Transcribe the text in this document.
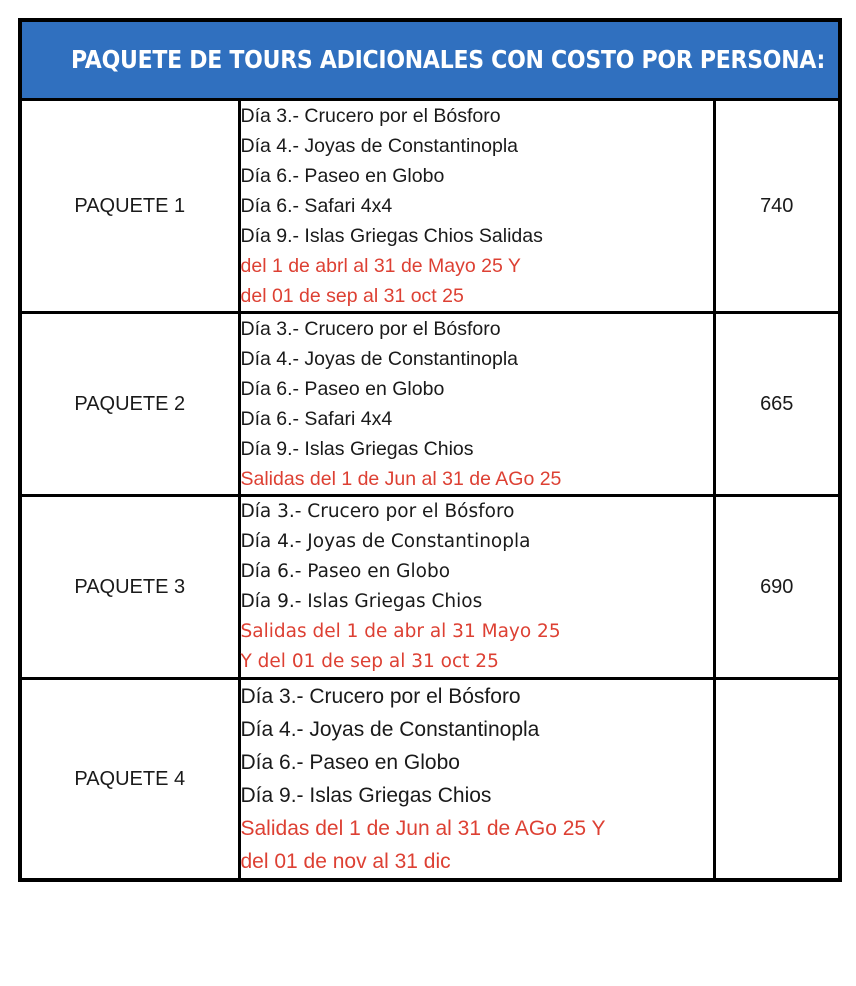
PAQUETE DE TOURS ADICIONALES CON COSTO POR PERSONA:		

PAQUETE 1

Día 3.- Crucero por el Bósforo
Día 4.- Joyas de Constantinopla
Día 6.- Paseo en Globo
Día 6.- Safari 4x4
Día 9.- Islas Griegas Chios Salidas
del 1 de abrl al 31 de Mayo 25 Y
del 01 de sep al 31 oct 25

740

PAQUETE 2

Día 3.- Crucero por el Bósforo
Día 4.- Joyas de Constantinopla
Día 6.- Paseo en Globo
Día 6.- Safari 4x4
Día 9.- Islas Griegas Chios
Salidas del 1 de Jun al 31 de AGo 25

665

PAQUETE 3

Día 3.- Crucero por el Bósforo
Día 4.- Joyas de Constantinopla
Día 6.- Paseo en Globo
Día 9.- Islas Griegas Chios
Salidas del 1 de abr al 31 Mayo 25
Y del 01 de sep al 31 oct 25

690

PAQUETE 4

Día 3.- Crucero por el Bósforo
Día 4.- Joyas de Constantinopla
Día 6.- Paseo en Globo
Día 9.- Islas Griegas Chios
Salidas del 1 de Jun al 31 de AGo 25 Y
del 01 de nov al 31 dic
